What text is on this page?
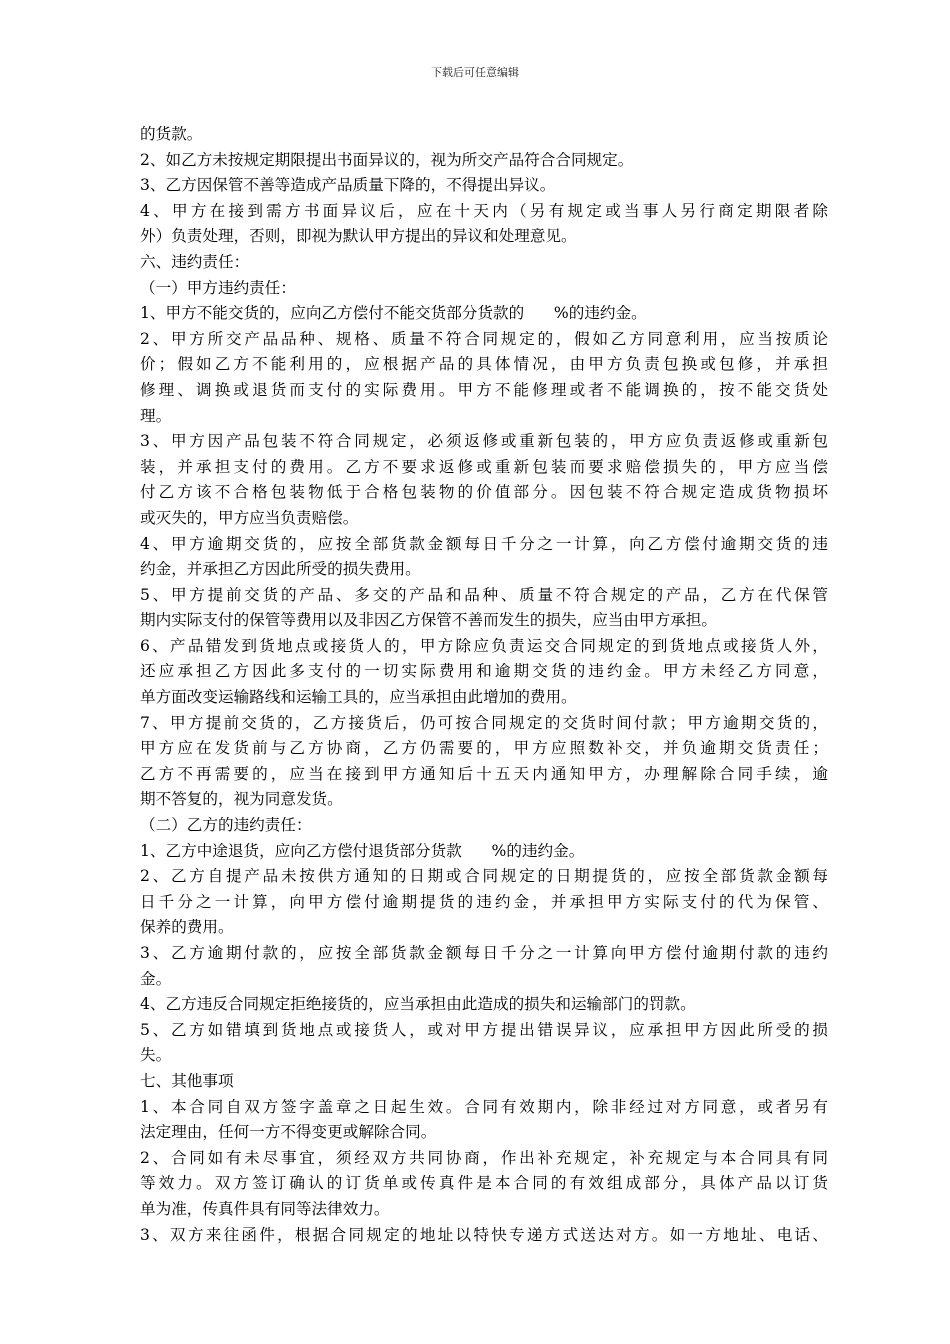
下载后可任意编辑
的货款。
2、如乙方未按规定期限提出书面异议的，视为所交产品符合合同规定。
3、乙方因保管不善等造成产品质量下降的，不得提出异议。
4、甲方在接到需方书面异议后，应在十天内（另有规定或当事人另行商定期限者除
外）负责处理，否则，即视为默认甲方提出的异议和处理意见。
六、违约责任：
（一）甲方违约责任：
1、甲方不能交货的，应向乙方偿付不能交货部分货款的      %的违约金。
2、甲方所交产品品种、规格、质量不符合同规定的，假如乙方同意利用，应当按质论
价；假如乙方不能利用的，应根据产品的具体情况，由甲方负责包换或包修，并承担
修理、调换或退货而支付的实际费用。甲方不能修理或者不能调换的，按不能交货处
理。
3、甲方因产品包装不符合同规定，必须返修或重新包装的，甲方应负责返修或重新包
装，并承担支付的费用。乙方不要求返修或重新包装而要求赔偿损失的，甲方应当偿
付乙方该不合格包装物低于合格包装物的价值部分。因包装不符合规定造成货物损坏
或灭失的，甲方应当负责赔偿。
4、甲方逾期交货的，应按全部货款金额每日千分之一计算，向乙方偿付逾期交货的违
约金，并承担乙方因此所受的损失费用。
5、甲方提前交货的产品、多交的产品和品种、质量不符合规定的产品，乙方在代保管
期内实际支付的保管等费用以及非因乙方保管不善而发生的损失，应当由甲方承担。
6、产品错发到货地点或接货人的，甲方除应负责运交合同规定的到货地点或接货人外，
还应承担乙方因此多支付的一切实际费用和逾期交货的违约金。甲方未经乙方同意，
单方面改变运输路线和运输工具的，应当承担由此增加的费用。
7、甲方提前交货的，乙方接货后，仍可按合同规定的交货时间付款；甲方逾期交货的，
甲方应在发货前与乙方协商，乙方仍需要的，甲方应照数补交，并负逾期交货责任；
乙方不再需要的，应当在接到甲方通知后十五天内通知甲方，办理解除合同手续，逾
期不答复的，视为同意发货。
（二）乙方的违约责任：
1、乙方中途退货，应向乙方偿付退货部分货款      %的违约金。
2、乙方自提产品未按供方通知的日期或合同规定的日期提货的，应按全部货款金额每
日千分之一计算，向甲方偿付逾期提货的违约金，并承担甲方实际支付的代为保管、
保养的费用。
3、乙方逾期付款的，应按全部货款金额每日千分之一计算向甲方偿付逾期付款的违约
金。
4、乙方违反合同规定拒绝接货的，应当承担由此造成的损失和运输部门的罚款。
5、乙方如错填到货地点或接货人，或对甲方提出错误异议，应承担甲方因此所受的损
失。
七、其他事项
1、本合同自双方签字盖章之日起生效。合同有效期内，除非经过对方同意，或者另有
法定理由，任何一方不得变更或解除合同。
2、合同如有未尽事宜，须经双方共同协商，作出补充规定，补充规定与本合同具有同
等效力。双方签订确认的订货单或传真件是本合同的有效组成部分，具体产品以订货
单为准，传真件具有同等法律效力。
3、双方来往函件，根据合同规定的地址以特快专递方式送达对方。如一方地址、电话、
